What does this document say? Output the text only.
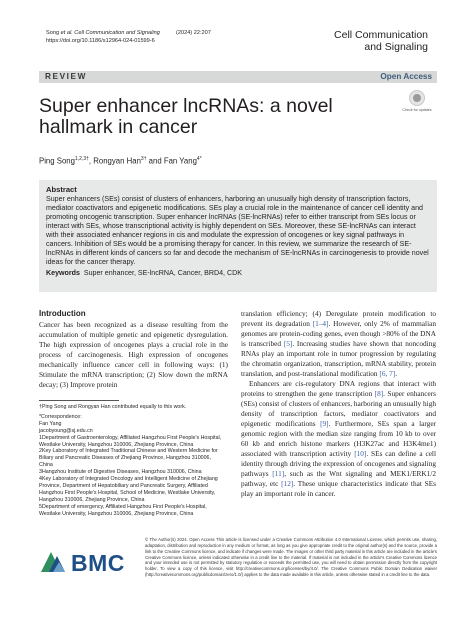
Song et al. Cell Communication and Signaling
https://doi.org/10.1186/s12964-024-01599-6
(2024) 22:207	Cell Communication
and Signaling
REVIEW	Open Access
Super enhancer lncRNAs: a novel hallmark in cancer
Check for updates
Ping Song$^{1,2,3\dagger}$, Rongyan Han$^{3\dagger}$ and Fan Yang$^{4*}$
Abstract
Super enhancers (SEs) consist of clusters of enhancers, harboring an unusually high density of transcription factors, mediator coactivators and epigenetic modifications. SEs play a crucial role in the maintenance of cancer cell identity and promoting oncogenic transcription. Super enhancer lncRNAs (SE-lncRNAs) refer to either transcript from SEs locus or interact with SEs, whose transcriptional activity is highly dependent on SEs. Moreover, these SE-lncRNAs can interact with their associated enhancer regions in cis and modulate the expression of oncogenes or key signal pathways in cancers. Inhibition of SEs would be a promising therapy for cancer. In this review, we summarize the research of SE-lncRNAs in different kinds of cancers so far and decode the mechanism of SE-lncRNAs in carcinogenesis to provide novel ideas for the cancer therapy.
Keywords Super enhancer, SE-lncRNA, Cancer, BRD4, CDK
Introduction
Cancer has been recognized as a disease resulting from the accumulation of multiple genetic and epigenetic dysregulation. The high expression of oncogenes plays a crucial role in the process of carcinogenesis. High expression of oncogenes mechanically influence cancer cell in following ways: (1) Stimulate the mRNA transcription; (2) Slow down the mRNA decay; (3) Improve protein
†Ping Song and Rongyan Han contributed equally to this work.
*Correspondence:
Fan Yang
jacobyoung@sj.edu.cn
1Department of Gastroenterology, Affiliated Hangzhou First People's Hospital, Westlake University, Hangzhou 310006, Zhejiang Province, China
2Key Laboratory of Integrated Traditional Chinese and Western Medicine for Biliary and Pancreatic Diseases of Zhejiang Province, Hangzhou 310006, China
3Hangzhou Institute of Digestive Diseases, Hangzhou 310006, China
4Key Laboratory of Integrated Oncology and Intelligent Medicine of Zhejiang Province, Department of Hepatobiliary and Pancreatic Surgery, Affiliated Hangzhou First People's Hospital, School of Medicine, Westlake University, Hangzhou 310006, Zhejiang Province, China
5Department of emergency, Affiliated Hangzhou First People's Hospital, Westlake University, Hangzhou 310006, Zhejiang Province, China
translation efficiency; (4) Deregulate protein modification to prevent its degradation [1–4]. However, only 2% of mammalian genomes are protein-coding genes, even though >80% of the DNA is transcribed [5]. Increasing studies have shown that noncoding RNAs play an important role in tumor progression by regulating the chromatin organization, transcription, mRNA stability, protein translation, and post-translational modification [6, 7].
Enhancers are cis-regulatory DNA regions that interact with proteins to strengthen the gene transcription [8]. Super enhancers (SEs) consist of clusters of enhancers, harboring an unusually high density of transcription factors, mediator coactivators and epigenetic modifications [9]. Furthermore, SEs span a larger genomic region with the median size ranging from 10 kb to over 60 kb and enrich histone markers (H3K27ac and H3K4me1) associated with transcription activity [10]. SEs can define a cell identity through driving the expression of oncogenes and signaling pathways [11], such as the Wnt signaling and MEK1/ERK1/2 pathway, etc [12]. These unique characteristics indicate that SEs play an important role in cancer.
BMC
© The Author(s) 2024. Open Access This article is licensed under a Creative Commons Attribution 4.0 International License, which permits use, sharing, adaptation, distribution and reproduction in any medium or format, as long as you give appropriate credit to the original author(s) and the source, provide a link to the Creative Commons licence, and indicate if changes were made. The images or other third party material in this article are included in the article's Creative Commons licence, unless indicated otherwise in a credit line to the material. If material is not included in the article's Creative Commons licence and your intended use is not permitted by statutory regulation or exceeds the permitted use, you will need to obtain permission directly from the copyright holder. To view a copy of this licence, visit http://creativecommons.org/licenses/by/4.0/. The Creative Commons Public Domain Dedication waiver (http://creativecommons.org/publicdomain/zero/1.0/) applies to the data made available in this article, unless otherwise stated in a credit line to the data.
